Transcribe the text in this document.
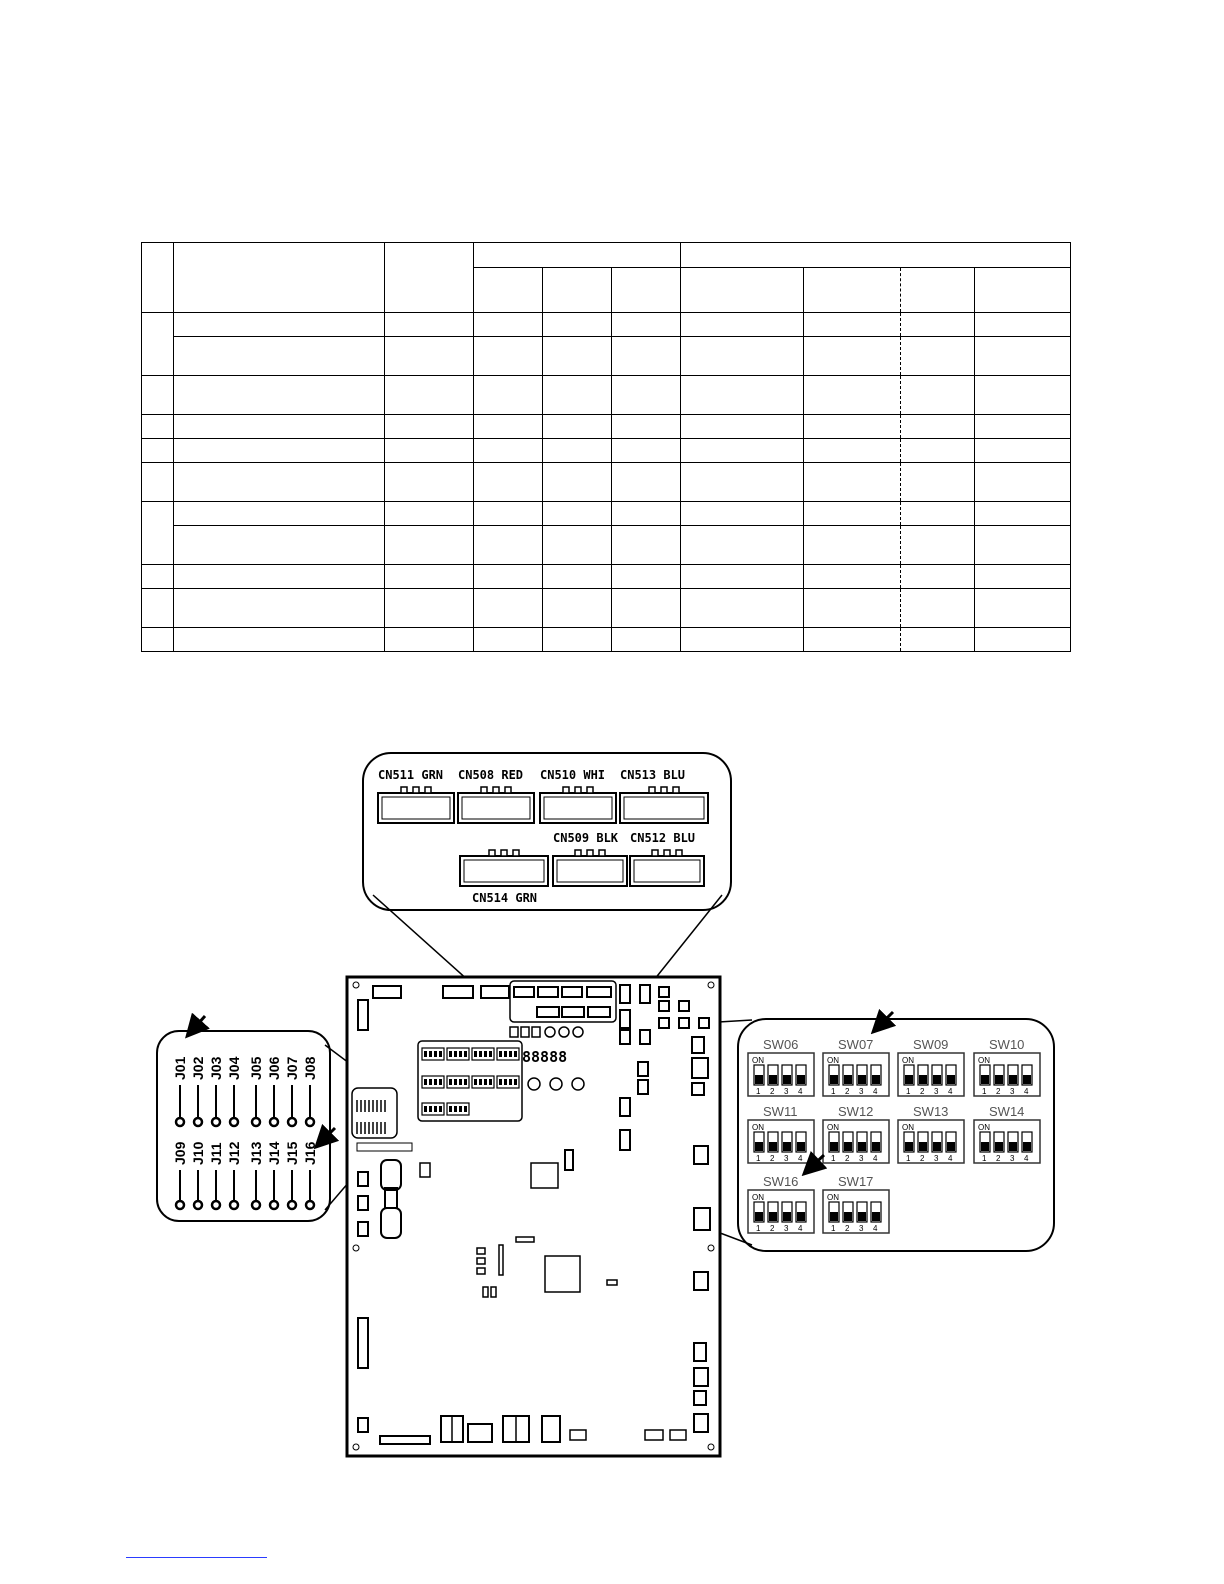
CN511 GRN CN508 RED CN510 WHI CN513 BLU
CN509 BLK CN512 BLU
CN514 GRN
SW06
ON
1 2 3 4
SW07
ON
1 2 3 4
SW09
ON
1 2 3 4
SW10
ON
1 2 3 4
SW11
ON
1 2 3 4
SW12
ON
1 2 3 4
SW13
ON
1 2 3 4
SW14
ON
1 2 3 4
SW16
ON
1 2 3 4
SW17
ON
1 2 3 4
J01 J02 J03 J04 J05 J06 J07 J08
J09 J10 J11 J12 J13 J14 J15 J16
88888
